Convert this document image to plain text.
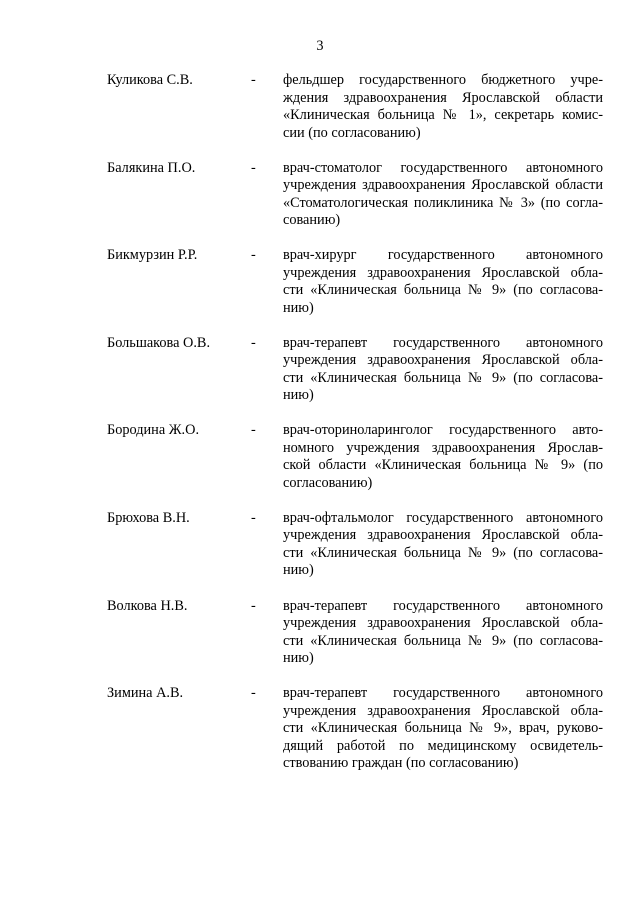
3
Куликова С.В.	- фельдшер государственного бюджетного учре-
ждения здравоохранения Ярославской области
«Клиническая больница № 1», секретарь комис-
сии (по согласованию)
Балякина П.О.	- врач-стоматолог государственного автономного
учреждения здравоохранения Ярославской области
«Стоматологическая поликлиника № 3» (по согла-
сованию)
Бикмурзин Р.Р.	- врач-хирург государственного автономного
учреждения здравоохранения Ярославской обла-
сти «Клиническая больница № 9» (по согласова-
нию)
Большакова О.В.	- врач-терапевт государственного автономного
учреждения здравоохранения Ярославской обла-
сти «Клиническая больница № 9» (по согласова-
нию)
Бородина Ж.О.	- врач-оториноларинголог государственного авто-
номного учреждения здравоохранения Ярослав-
ской области «Клиническая больница № 9» (по
согласованию)
Брюхова В.Н.	- врач-офтальмолог государственного автономного
учреждения здравоохранения Ярославской обла-
сти «Клиническая больница № 9» (по согласова-
нию)
Волкова Н.В.	- врач-терапевт государственного автономного
учреждения здравоохранения Ярославской обла-
сти «Клиническая больница № 9» (по согласова-
нию)
Зимина А.В.	- врач-терапевт государственного автономного
учреждения здравоохранения Ярославской обла-
сти «Клиническая больница № 9», врач, руково-
дящий работой по медицинскому освидетель-
ствованию граждан (по согласованию)
